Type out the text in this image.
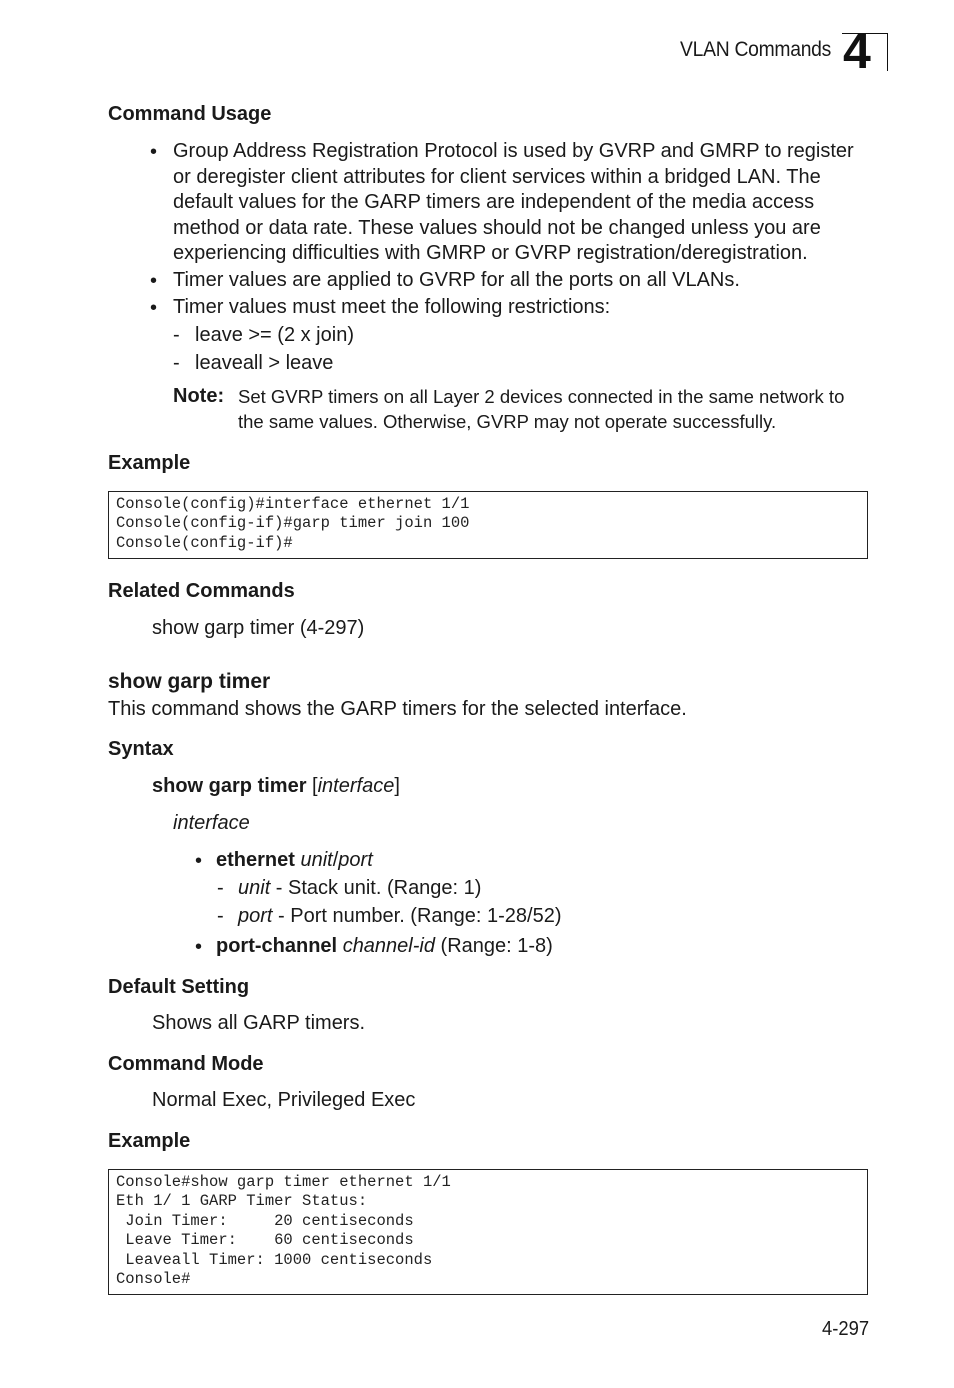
VLAN Commands 4
Command Usage
• Group Address Registration Protocol is used by GVRP and GMRP to register
or deregister client attributes for client services within a bridged LAN. The
default values for the GARP timers are independent of the media access
method or data rate. These values should not be changed unless you are
experiencing difficulties with GMRP or GVRP registration/deregistration.
• Timer values are applied to GVRP for all the ports on all VLANs.
• Timer values must meet the following restrictions:
- leave >= (2 x join)
- leaveall > leave
Note: Set GVRP timers on all Layer 2 devices connected in the same network to
the same values. Otherwise, GVRP may not operate successfully.
Example
Console(config)#interface ethernet 1/1
Console(config-if)#garp timer join 100
Console(config-if)#
Related Commands
show garp timer (4-297)
show garp timer
This command shows the GARP timers for the selected interface.
Syntax
show garp timer [interface]
interface
• ethernet unit/port
- unit - Stack unit. (Range: 1)
- port - Port number. (Range: 1-28/52)
• port-channel channel-id (Range: 1-8)
Default Setting
Shows all GARP timers.
Command Mode
Normal Exec, Privileged Exec
Example
Console#show garp timer ethernet 1/1
Eth 1/ 1 GARP Timer Status:
Join Timer:     20 centiseconds
Leave Timer:    60 centiseconds
Leaveall Timer: 1000 centiseconds
Console#
4-297
